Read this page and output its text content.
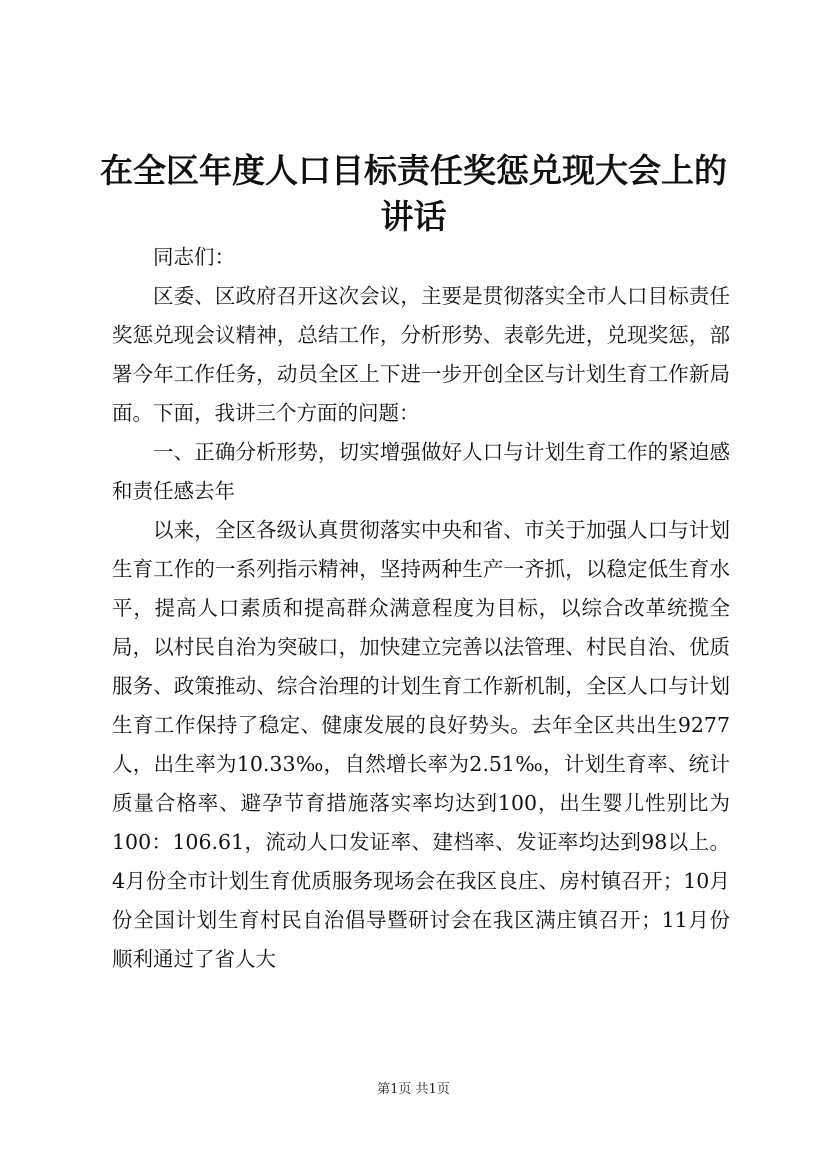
在全区年度人口目标责任奖惩兑现大会上的讲话

同志们：

区委、区政府召开这次会议，主要是贯彻落实全市人口目标责任奖惩兑现会议精神，总结工作，分析形势、表彰先进，兑现奖惩，部署今年工作任务，动员全区上下进一步开创全区与计划生育工作新局面。下面，我讲三个方面的问题：

一、正确分析形势，切实增强做好人口与计划生育工作的紧迫感和责任感去年

以来，全区各级认真贯彻落实中央和省、市关于加强人口与计划生育工作的一系列指示精神，坚持两种生产一齐抓，以稳定低生育水平，提高人口素质和提高群众满意程度为目标，以综合改革统揽全局，以村民自治为突破口，加快建立完善以法管理、村民自治、优质服务、政策推动、综合治理的计划生育工作新机制，全区人口与计划生育工作保持了稳定、健康发展的良好势头。去年全区共出生9277人，出生率为10.33‰，自然增长率为2.51‰，计划生育率、统计质量合格率、避孕节育措施落实率均达到100，出生婴儿性别比为100：106.61，流动人口发证率、建档率、发证率均达到98以上。4月份全市计划生育优质服务现场会在我区良庄、房村镇召开；10月份全国计划生育村民自治倡导暨研讨会在我区满庄镇召开；11月份顺利通过了省人大

第1页 共1页
